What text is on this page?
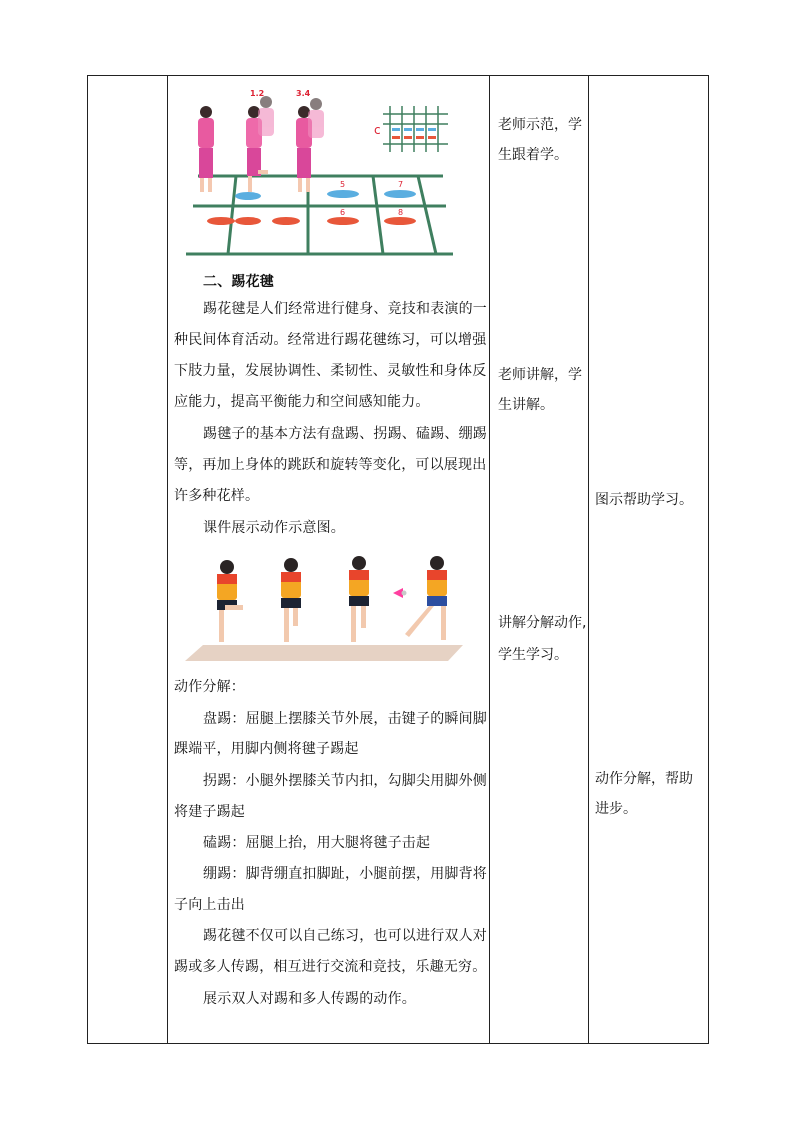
5	7
6	8
1.2	3.4
c
二、踢花毽
踢花毽是人们经常进行健身、竞技和表演的一
种民间体育活动。经常进行踢花毽练习，可以增强
下肢力量，发展协调性、柔韧性、灵敏性和身体反
应能力，提高平衡能力和空间感知能力。
踢毽子的基本方法有盘踢、拐踢、磕踢、绷踢
等，再加上身体的跳跃和旋转等变化，可以展现出
许多种花样。
课件展示动作示意图。
动作分解：
盘踢：屈腿上摆膝关节外展，击键子的瞬间脚
踝端平，用脚内侧将毽子踢起
拐踢：小腿外摆膝关节内扣，勾脚尖用脚外侧
将建子踢起
磕踢：屈腿上抬，用大腿将毽子击起
绷踢：脚背绷直扣脚趾，小腿前摆，用脚背将
子向上击出
踢花毽不仅可以自己练习，也可以进行双人对
踢或多人传踢，相互进行交流和竞技，乐趣无穷。
展示双人对踢和多人传踢的动作。

老师示范，学
生跟着学。
老师讲解，学
生讲解。
讲解分解动作,
学生学习。

图示帮助学习。
动作分解，帮助
进步。
